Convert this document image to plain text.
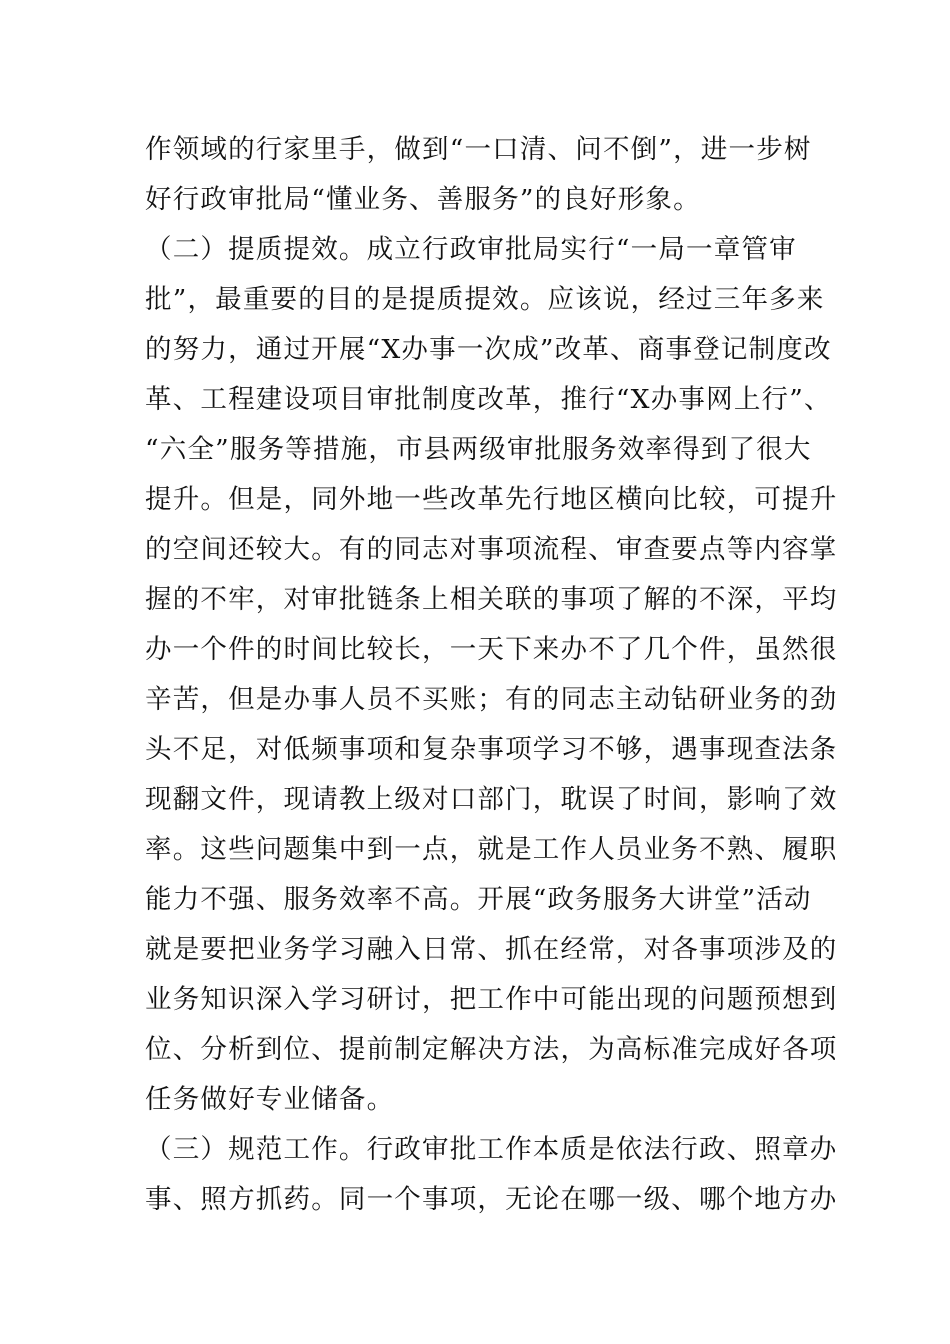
作领域的行家里手，做到“一口清、问不倒”，进一步树
好行政审批局“懂业务、善服务”的良好形象。
（二）提质提效。成立行政审批局实行“一局一章管审
批”，最重要的目的是提质提效。应该说，经过三年多来
的努力，通过开展“X办事一次成”改革、商事登记制度改
革、工程建设项目审批制度改革，推行“X办事网上行”、
“六全”服务等措施，市县两级审批服务效率得到了很大
提升。但是，同外地一些改革先行地区横向比较，可提升
的空间还较大。有的同志对事项流程、审查要点等内容掌
握的不牢，对审批链条上相关联的事项了解的不深，平均
办一个件的时间比较长，一天下来办不了几个件，虽然很
辛苦，但是办事人员不买账；有的同志主动钻研业务的劲
头不足，对低频事项和复杂事项学习不够，遇事现查法条
现翻文件，现请教上级对口部门，耽误了时间，影响了效
率。这些问题集中到一点，就是工作人员业务不熟、履职
能力不强、服务效率不高。开展“政务服务大讲堂”活动
就是要把业务学习融入日常、抓在经常，对各事项涉及的
业务知识深入学习研讨，把工作中可能出现的问题预想到
位、分析到位、提前制定解决方法，为高标准完成好各项
任务做好专业储备。
（三）规范工作。行政审批工作本质是依法行政、照章办
事、照方抓药。同一个事项，无论在哪一级、哪个地方办
